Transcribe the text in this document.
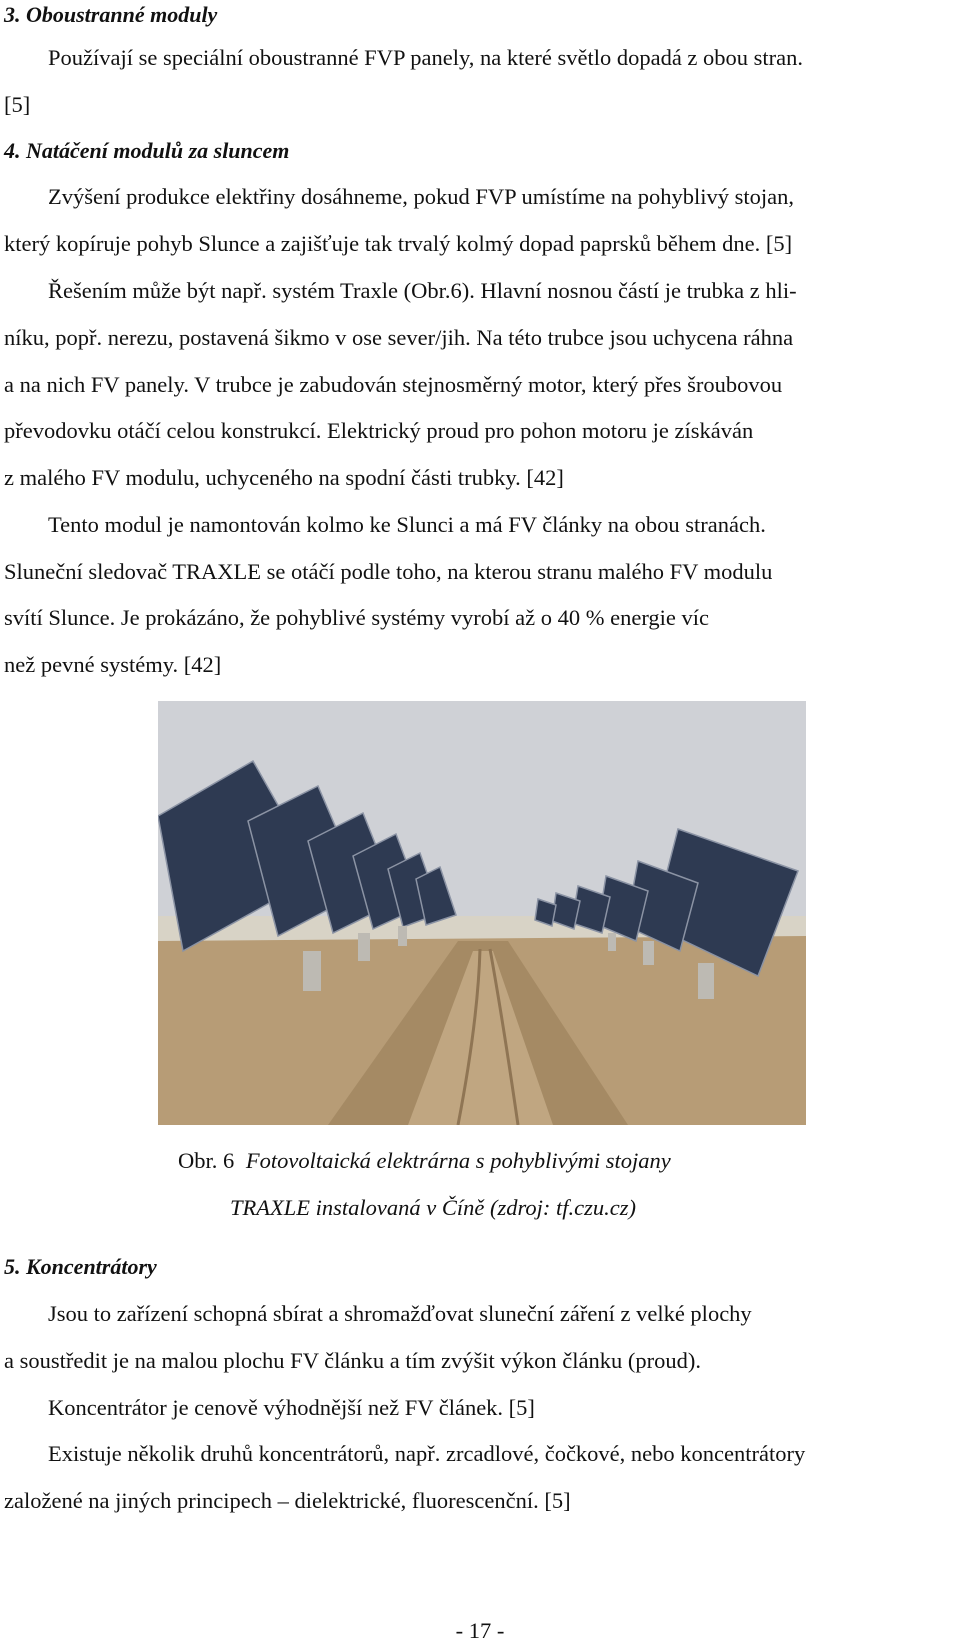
3. Oboustranné moduly
Používají se speciální oboustranné FVP panely, na které světlo dopadá z obou stran.
[5]
4. Natáčení modulů za sluncem
Zvýšení produkce elektřiny dosáhneme, pokud FVP umístíme na pohyblivý stojan,
který kopíruje pohyb Slunce a zajišťuje tak trvalý kolmý dopad paprsků během dne. [5]
Řešením může být např. systém Traxle (Obr.6). Hlavní nosnou částí je trubka z hli-
níku, popř. nerezu, postavená šikmo v ose sever/jih. Na této trubce jsou uchycena ráhna
a na nich FV panely. V trubce je zabudován stejnosměrný motor, který přes šroubovou
převodovku otáčí celou konstrukcí. Elektrický proud pro pohon motoru je získáván
z malého FV modulu, uchyceného na spodní části trubky. [42]
Tento modul je namontován kolmo ke Slunci a má FV články na obou stranách.
Sluneční sledovač TRAXLE se otáčí podle toho, na kterou stranu malého FV modulu
svítí Slunce. Je prokázáno, že pohyblivé systémy vyrobí až o 40 % energie víc
než pevné systémy. [42]
Obr. 6 Fotovoltaická elektrárna s pohyblivými stojany
TRAXLE instalovaná v Číně (zdroj: tf.czu.cz)
5. Koncentrátory
Jsou to zařízení schopná sbírat a shromažďovat sluneční záření z velké plochy
a soustředit je na malou plochu FV článku a tím zvýšit výkon článku (proud).
Koncentrátor je cenově výhodnější než FV článek. [5]
Existuje několik druhů koncentrátorů, např. zrcadlové, čočkové, nebo koncentrátory
založené na jiných principech – dielektrické, fluorescenční. [5]
- 17 -
